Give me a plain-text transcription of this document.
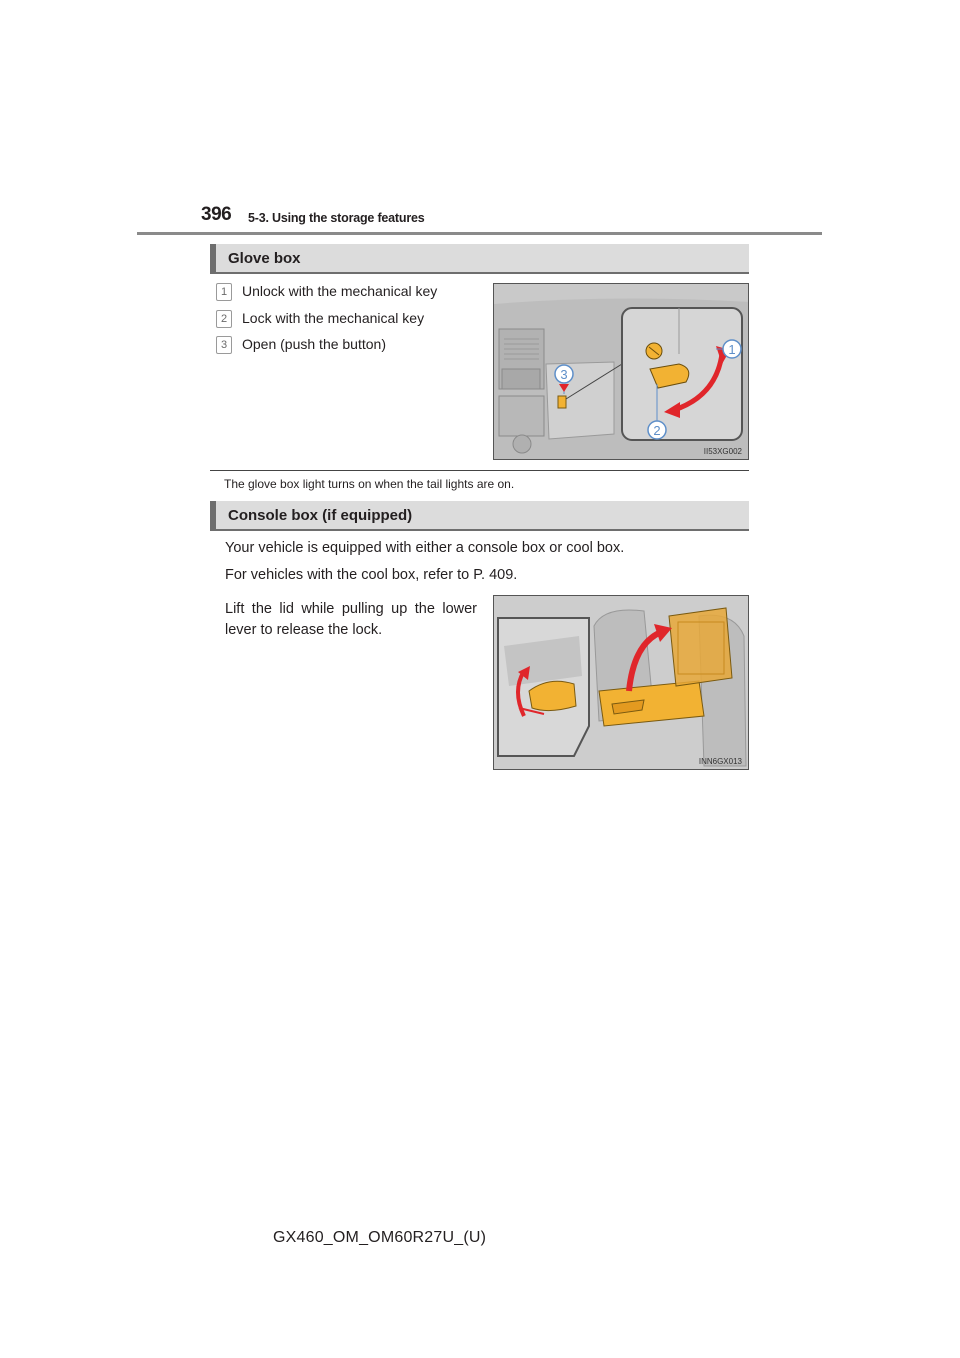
396 5-3. Using the storage features
Glove box
1 Unlock with the mechanical key
2 Lock with the mechanical key
3 Open (push the button)	1
2
3
II53XG002
The glove box light turns on when the tail lights are on.
Console box (if equipped)
Your vehicle is equipped with either a console box or cool box.
For vehicles with the cool box, refer to P. 409.
Lift the lid while pulling up the lower lever to release the lock.
INN6GX013
GX460_OM_OM60R27U_(U)
